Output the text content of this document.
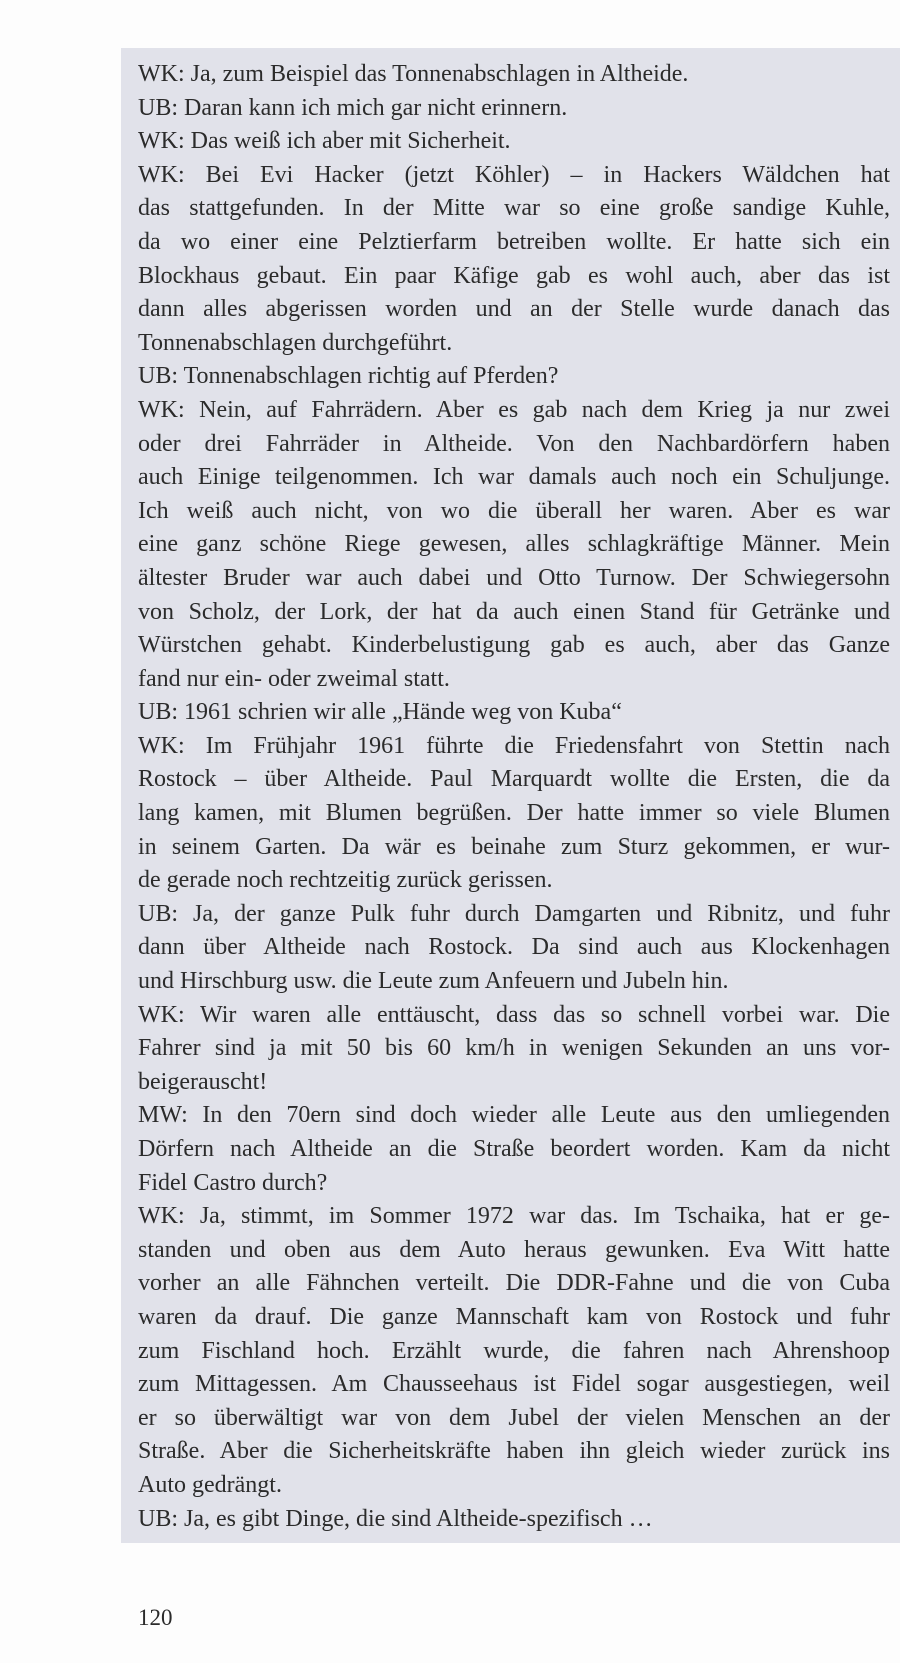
WK: Ja, zum Beispiel das Tonnenabschlagen in Altheide.
UB: Daran kann ich mich gar nicht erinnern.
WK: Das weiß ich aber mit Sicherheit.
WK: Bei Evi Hacker (jetzt Köhler) – in Hackers Wäldchen hat
das stattgefunden. In der Mitte war so eine große sandige Kuhle,
da wo einer eine Pelztierfarm betreiben wollte. Er hatte sich ein
Blockhaus gebaut. Ein paar Käfige gab es wohl auch, aber das ist
dann alles abgerissen worden und an der Stelle wurde danach das
Tonnenabschlagen durchgeführt.
UB: Tonnenabschlagen richtig auf Pferden?
WK: Nein, auf Fahrrädern. Aber es gab nach dem Krieg ja nur zwei
oder drei Fahrräder in Altheide. Von den Nachbardörfern haben
auch Einige teilgenommen. Ich war damals auch noch ein Schuljunge.
Ich weiß auch nicht, von wo die überall her waren. Aber es war
eine ganz schöne Riege gewesen, alles schlagkräftige Männer. Mein
ältester Bruder war auch dabei und Otto Turnow. Der Schwiegersohn
von Scholz, der Lork, der hat da auch einen Stand für Getränke und
Würstchen gehabt. Kinderbelustigung gab es auch, aber das Ganze
fand nur ein- oder zweimal statt.
UB: 1961 schrien wir alle „Hände weg von Kuba“
WK: Im Frühjahr 1961 führte die Friedensfahrt von Stettin nach
Rostock – über Altheide. Paul Marquardt wollte die Ersten, die da
lang kamen, mit Blumen begrüßen. Der hatte immer so viele Blumen
in seinem Garten. Da wär es beinahe zum Sturz gekommen, er wur-
de gerade noch rechtzeitig zurück gerissen.
UB: Ja, der ganze Pulk fuhr durch Damgarten und Ribnitz, und fuhr
dann über Altheide nach Rostock. Da sind auch aus Klockenhagen
und Hirschburg usw. die Leute zum Anfeuern und Jubeln hin.
WK: Wir waren alle enttäuscht, dass das so schnell vorbei war. Die
Fahrer sind ja mit 50 bis 60 km/h in wenigen Sekunden an uns vor-
beigerauscht!
MW: In den 70ern sind doch wieder alle Leute aus den umliegenden
Dörfern nach Altheide an die Straße beordert worden. Kam da nicht
Fidel Castro durch?
WK: Ja, stimmt, im Sommer 1972 war das. Im Tschaika, hat er ge-
standen und oben aus dem Auto heraus gewunken. Eva Witt hatte
vorher an alle Fähnchen verteilt. Die DDR-Fahne und die von Cuba
waren da drauf. Die ganze Mannschaft kam von Rostock und fuhr
zum Fischland hoch. Erzählt wurde, die fahren nach Ahrenshoop
zum Mittagessen. Am Chausseehaus ist Fidel sogar ausgestiegen, weil
er so überwältigt war von dem Jubel der vielen Menschen an der
Straße. Aber die Sicherheitskräfte haben ihn gleich wieder zurück ins
Auto gedrängt.
UB: Ja, es gibt Dinge, die sind Altheide-spezifisch …
120
